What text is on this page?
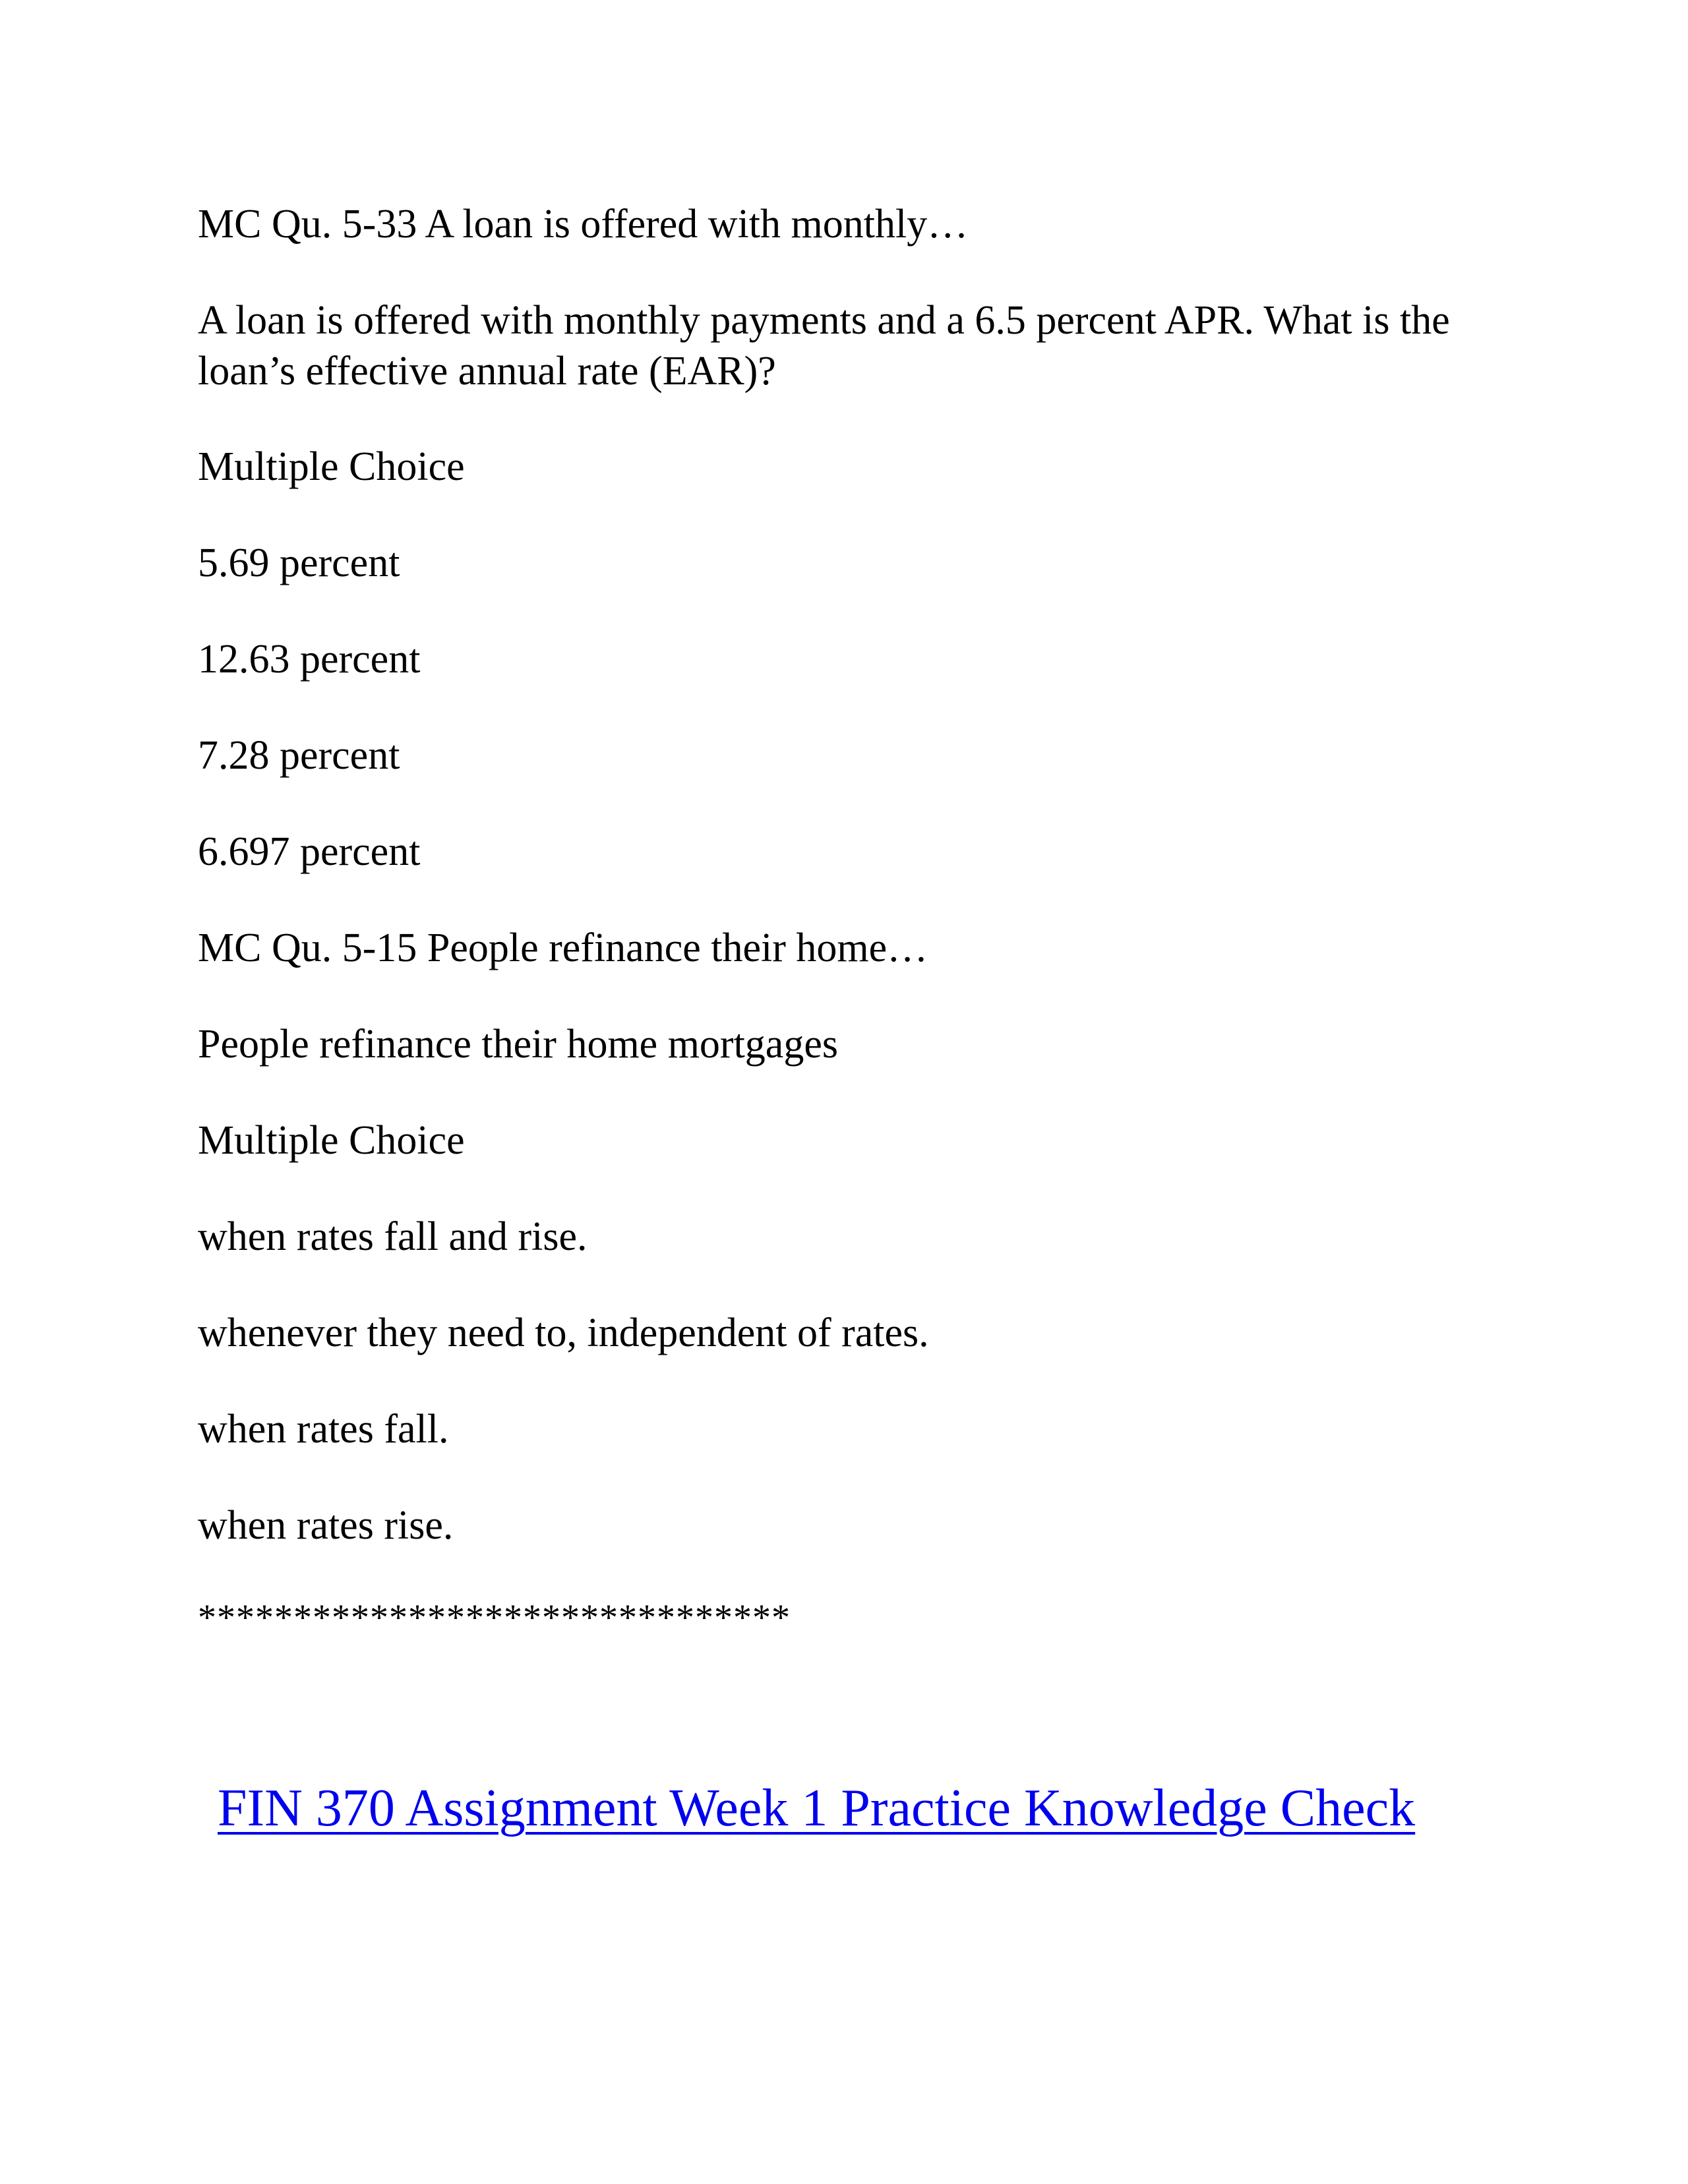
MC Qu. 5-33 A loan is offered with monthly…

A loan is offered with monthly payments and a 6.5 percent APR. What is the loan’s effective annual rate (EAR)?

Multiple Choice

5.69 percent

12.63 percent

7.28 percent

6.697 percent

MC Qu. 5-15 People refinance their home…

People refinance their home mortgages

Multiple Choice

when rates fall and rise.

whenever they need to, independent of rates.

when rates fall.

when rates rise.

*******************************

FIN 370 Assignment Week 1 Practice Knowledge Check
